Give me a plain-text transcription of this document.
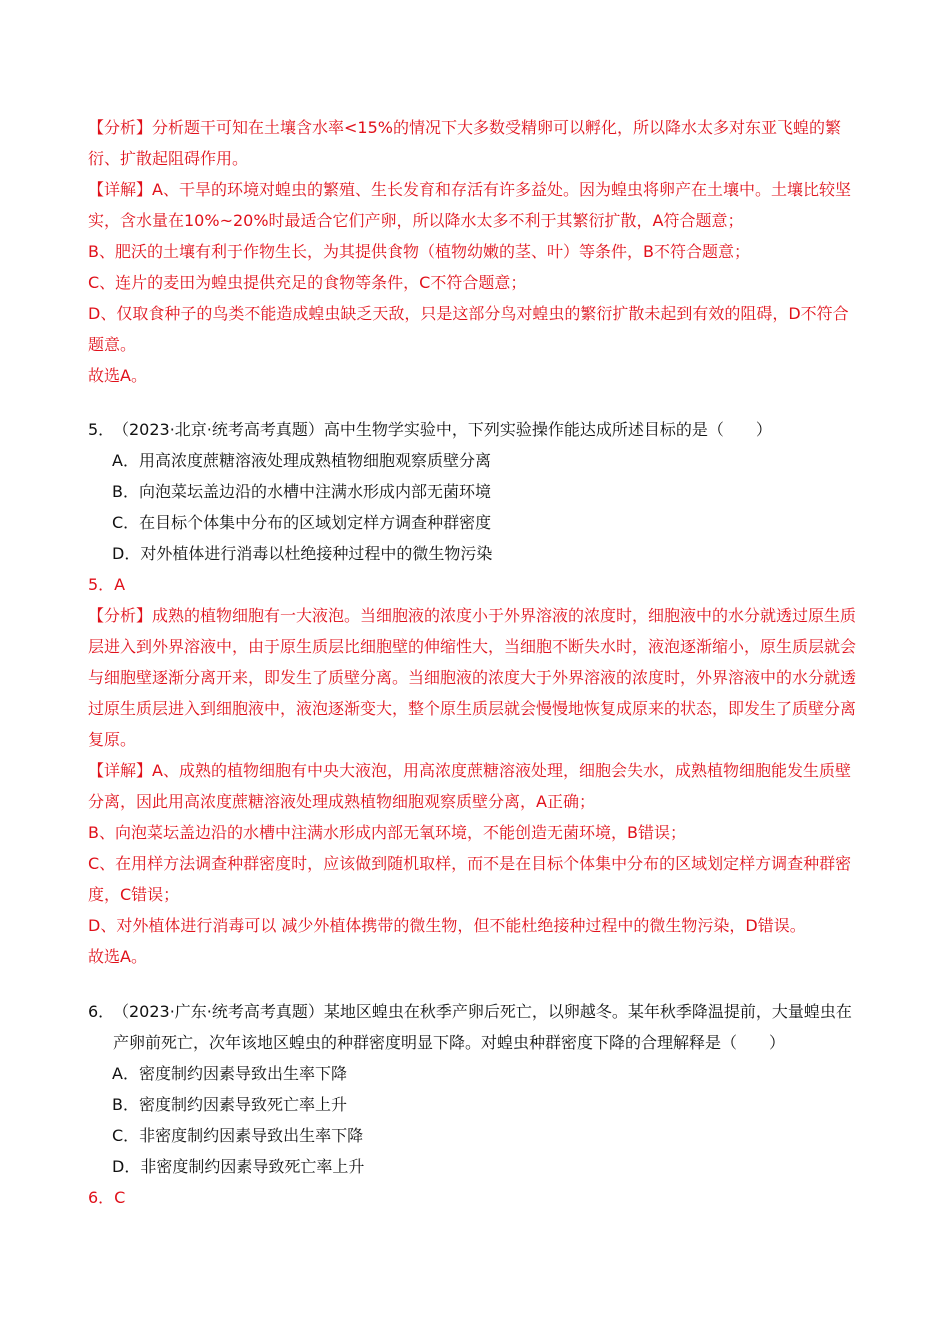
【分析】分析题干可知在土壤含水率<15%的情况下大多数受精卵可以孵化，所以降水太多对东亚飞蝗的繁衍、扩散起阻碍作用。
【详解】A、干旱的环境对蝗虫的繁殖、生长发育和存活有许多益处。因为蝗虫将卵产在土壤中。土壤比较坚实，含水量在10%~20%时最适合它们产卵，所以降水太多不利于其繁衍扩散，A符合题意；
B、肥沃的土壤有利于作物生长，为其提供食物（植物幼嫩的茎、叶）等条件，B不符合题意；
C、连片的麦田为蝗虫提供充足的食物等条件，C不符合题意；
D、仅取食种子的鸟类不能造成蝗虫缺乏天敌，只是这部分鸟对蝗虫的繁衍扩散未起到有效的阻碍，D不符合题意。
故选A。
5．
（2023·北京·统考高考真题）高中生物学实验中，下列实验操作能达成所述目标的是（　　）
A．用高浓度蔗糖溶液处理成熟植物细胞观察质壁分离
B．向泡菜坛盖边沿的水槽中注满水形成内部无菌环境
C．在目标个体集中分布的区域划定样方调查种群密度
D．对外植体进行消毒以杜绝接种过程中的微生物污染
5．A
【分析】成熟的植物细胞有一大液泡。当细胞液的浓度小于外界溶液的浓度时，细胞液中的水分就透过原生质层进入到外界溶液中，由于原生质层比细胞壁的伸缩性大，当细胞不断失水时，液泡逐渐缩小，原生质层就会与细胞壁逐渐分离开来，即发生了质壁分离。当细胞液的浓度大于外界溶液的浓度时，外界溶液中的水分就透过原生质层进入到细胞液中，液泡逐渐变大，整个原生质层就会慢慢地恢复成原来的状态，即发生了质壁分离复原。
【详解】A、成熟的植物细胞有中央大液泡，用高浓度蔗糖溶液处理，细胞会失水，成熟植物细胞能发生质壁分离，因此用高浓度蔗糖溶液处理成熟植物细胞观察质壁分离，A正确；
B、向泡菜坛盖边沿的水槽中注满水形成内部无氧环境，不能创造无菌环境，B错误；
C、在用样方法调查种群密度时，应该做到随机取样，而不是在目标个体集中分布的区域划定样方调查种群密度，C错误；
D、对外植体进行消毒可以 减少外植体携带的微生物，但不能杜绝接种过程中的微生物污染，D错误。
故选A。
6．
（2023·广东·统考高考真题）某地区蝗虫在秋季产卵后死亡，以卵越冬。某年秋季降温提前，大量蝗虫在产卵前死亡，次年该地区蝗虫的种群密度明显下降。对蝗虫种群密度下降的合理解释是（　　）
A．密度制约因素导致出生率下降
B．密度制约因素导致死亡率上升
C．非密度制约因素导致出生率下降
D．非密度制约因素导致死亡率上升
6．C
